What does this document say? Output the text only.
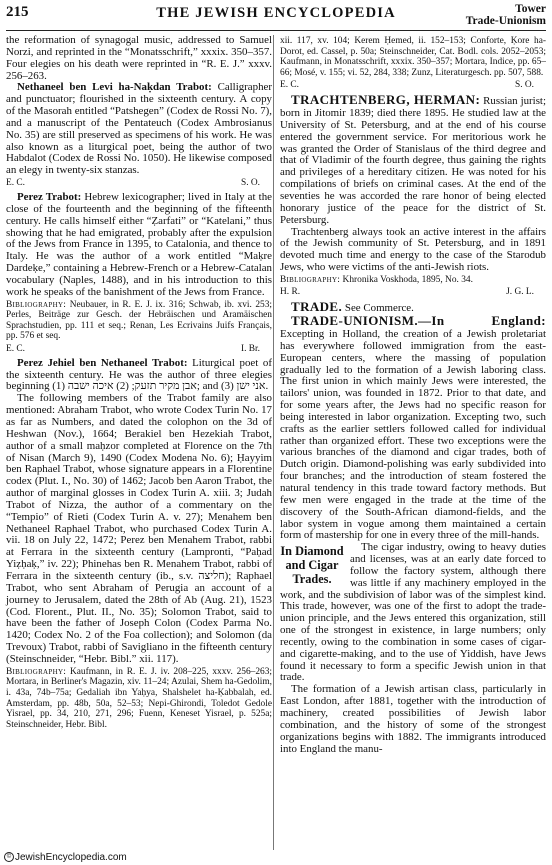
215	THE JEWISH ENCYCLOPEDIA	Tower
Trade-Unionism

the reformation of synagogal music, addressed to Samuel Norzi, and reprinted in the “Monatsschrift,” xxxix. 350–357. Four elegies on his death were reprinted in “R. E. J.” xxxv. 256–263.

Nethaneel ben Levi ha-Naḳdan Trabot: Calligrapher and punctuator; flourished in the sixteenth century. A copy of the Masorah entitled “Patshegen” (Codex de Rossi No. 7), and a manuscript of the Pentateuch (Codex Ambrosianus No. 35) are still preserved as specimens of his work. He was also known as a liturgical poet, being the author of two Habdalot (Codex de Rossi No. 1050). He likewise composed an elegy in twenty-six stanzas.

E. C.	S. O.

Perez Trabot: Hebrew lexicographer; lived in Italy at the close of the fourteenth and the beginning of the fifteenth century. He calls himself either “Ẓarfati” or “Katelani,” thus showing that he had emigrated, probably after the expulsion of the Jews from France in 1395, to Catalonia, and thence to Italy. He was the author of a work entitled “Maḳre Dardeḳe,” containing a Hebrew-French or a Hebrew-Catalan vocabulary (Naples, 1488), and in his introduction to this work he speaks of the banishment of the Jews from France.

Bibliography: Neubauer, in R. E. J. ix. 316; Schwab, ib. xvi. 253; Perles, Beiträge zur Gesch. der Hebräischen und Aramäischen Sprachstudien, pp. 111 et seq.; Renan, Les Ecrivains Juifs Français, pp. 576 et seq.

E. C.	I. Br.

Perez Jehiel ben Nethaneel Trabot: Liturgical poet of the sixteenth century. He was the author of three elegies beginning (1) אבן מקיר תזעק; (2) איכה ישבה; and (3) אני ישן.

The following members of the Trabot family are also mentioned: Abraham Trabot, who wrote Codex Turin No. 17 as far as Numbers, and dated the colophon on the 3d of Heshwan (Nov.), 1664; Berakiel ben Hezekiah Trabot, author of a small maḥzor completed at Florence on the 7th of Nisan (March 9), 1490 (Codex Modena No. 6); Ḥayyim ben Raphael Trabot, whose signature appears in a Florentine codex (Plut. I., No. 30) of 1462; Jacob ben Aaron Trabot, the author of marginal glosses in Codex Turin A. xiii. 3; Judah Trabot of Nizza, the author of a commentary on the “Tempio” of Rieti (Codex Turin A. v. 27); Menahem ben Nethaneel Raphael Trabot, who purchased Codex Turin A. vii. 18 on July 22, 1472; Perez ben Menahem Trabot, rabbi at Ferrara in the sixteenth century (Lampronti, “Paḥad Yiẓḥaḳ,” iv. 22); Phinehas ben R. Menahem Trabot, rabbi of Ferrara in the sixteenth century (ib., s.v. חליצה); Raphael Trabot, who sent Abraham of Perugia an account of a journey to Jerusalem, dated the 28th of Ab (Aug. 21), 1523 (Cod. Florent., Plut. II., No. 35); Solomon Trabot, said to have been the father of Joseph Colon (Codex Parma No. 1420; Codex No. 2 of the Foa collection); and Solomon (da Trevoux) Trabot, rabbi of Savigliano in the fifteenth century (Steinschneider, “Hebr. Bibl.” xii. 117).

Bibliography: Kaufmann, in R. E. J. iv. 208–225, xxxv. 256–263; Mortara, in Berliner's Magazin, xiv. 11–24; Azulai, Shem ha-Gedolim, i. 43a, 74b–75a; Gedaliah ibn Yaḥya, Shalshelet ha-Ḳabbalah, ed. Amsterdam, pp. 48b, 50a, 52–53; Nepi-Ghirondi, Toledot Gedole Yisrael, pp. 34, 210, 271, 296; Fuenn, Keneset Yisrael, p. 525a; Steinschneider, Hebr. Bibl.

xii. 117, xv. 104; Kerem Ḥemed, ii. 152–153; Conforte, Ḳore ha-Dorot, ed. Cassel, p. 50a; Steinschneider, Cat. Bodl. cols. 2052–2053; Kaufmann, in Monatsschrift, xxxix. 350–357; Mortara, Indice, pp. 65–66; Mosé, v. 155; vi. 52, 284, 338; Zunz, Literaturgesch. pp. 507, 588.

E. C.	S. O.

TRACHTENBERG, HERMAN: Russian jurist; born in Jitomir 1839; died there 1895. He studied law at the University of St. Petersburg, and at the end of his course entered the government service. For meritorious work he was granted the Order of Stanislaus of the third degree and that of Vladimir of the fourth degree, thus gaining the rights and privileges of a hereditary citizen. He was noted for his compilations of briefs on criminal cases. At the end of the seventies he was accorded the rare honor of being elected honorary justice of the peace for the district of St. Petersburg.

Trachtenberg always took an active interest in the affairs of the Jewish community of St. Petersburg, and in 1891 devoted much time and energy to the case of the Starodub Jews, who were victims of the anti-Jewish riots.

Bibliography: Khronika Voskhoda, 1895, No. 34.

H. R.	J. G. L.

TRADE. See Commerce.

TRADE-UNIONISM.—In England: Excepting in Holland, the creation of a Jewish proletariat has everywhere followed immigration from the east-European centers, where the massing of population gradually led to the formation of a Jewish laboring class. The first union in which mainly Jews were interested, the tailors' union, was founded in 1872. Prior to that date, and for some years after, the Jews had no specific reason for being interested in labor organization. Excepting two, such crafts as the earlier settlers followed called for individual rather than organized effort. These two exceptions were the various branches of the diamond and cigar trades, both of Dutch origin. Diamond-polishing was early subdivided into four branches; and the introduction of steam fostered the natural tendency in this trade toward factory methods. But few men were engaged in the trade at the time of the discovery of the South-African diamond-fields, and the labor system in vogue among them maintained a certain form of mastership for one in every three of the mill-hands.

In Diamond and Cigar Trades.

The cigar industry, owing to heavy duties and licenses, was at an early date forced to follow the factory system, although there was little if any machinery employed in the work, and the subdivision of labor was of the simplest kind. This trade, however, was one of the first to adopt the trade-union principle, and the Jews entered this organization, still one of the strongest in existence, in large numbers; only recently, owing to the combination in some cases of cigar- and cigarette-making, and to the use of Yiddish, have Jews found it necessary to form a specific Jewish union in that trade.

The formation of a Jewish artisan class, particularly in East London, after 1881, together with the introduction of machinery, created possibilities of Jewish labor combination, and the history of some of the strongest organizations begins with 1882. The immigrants introduced into England the manu-

© JewishEncyclopedia.com
